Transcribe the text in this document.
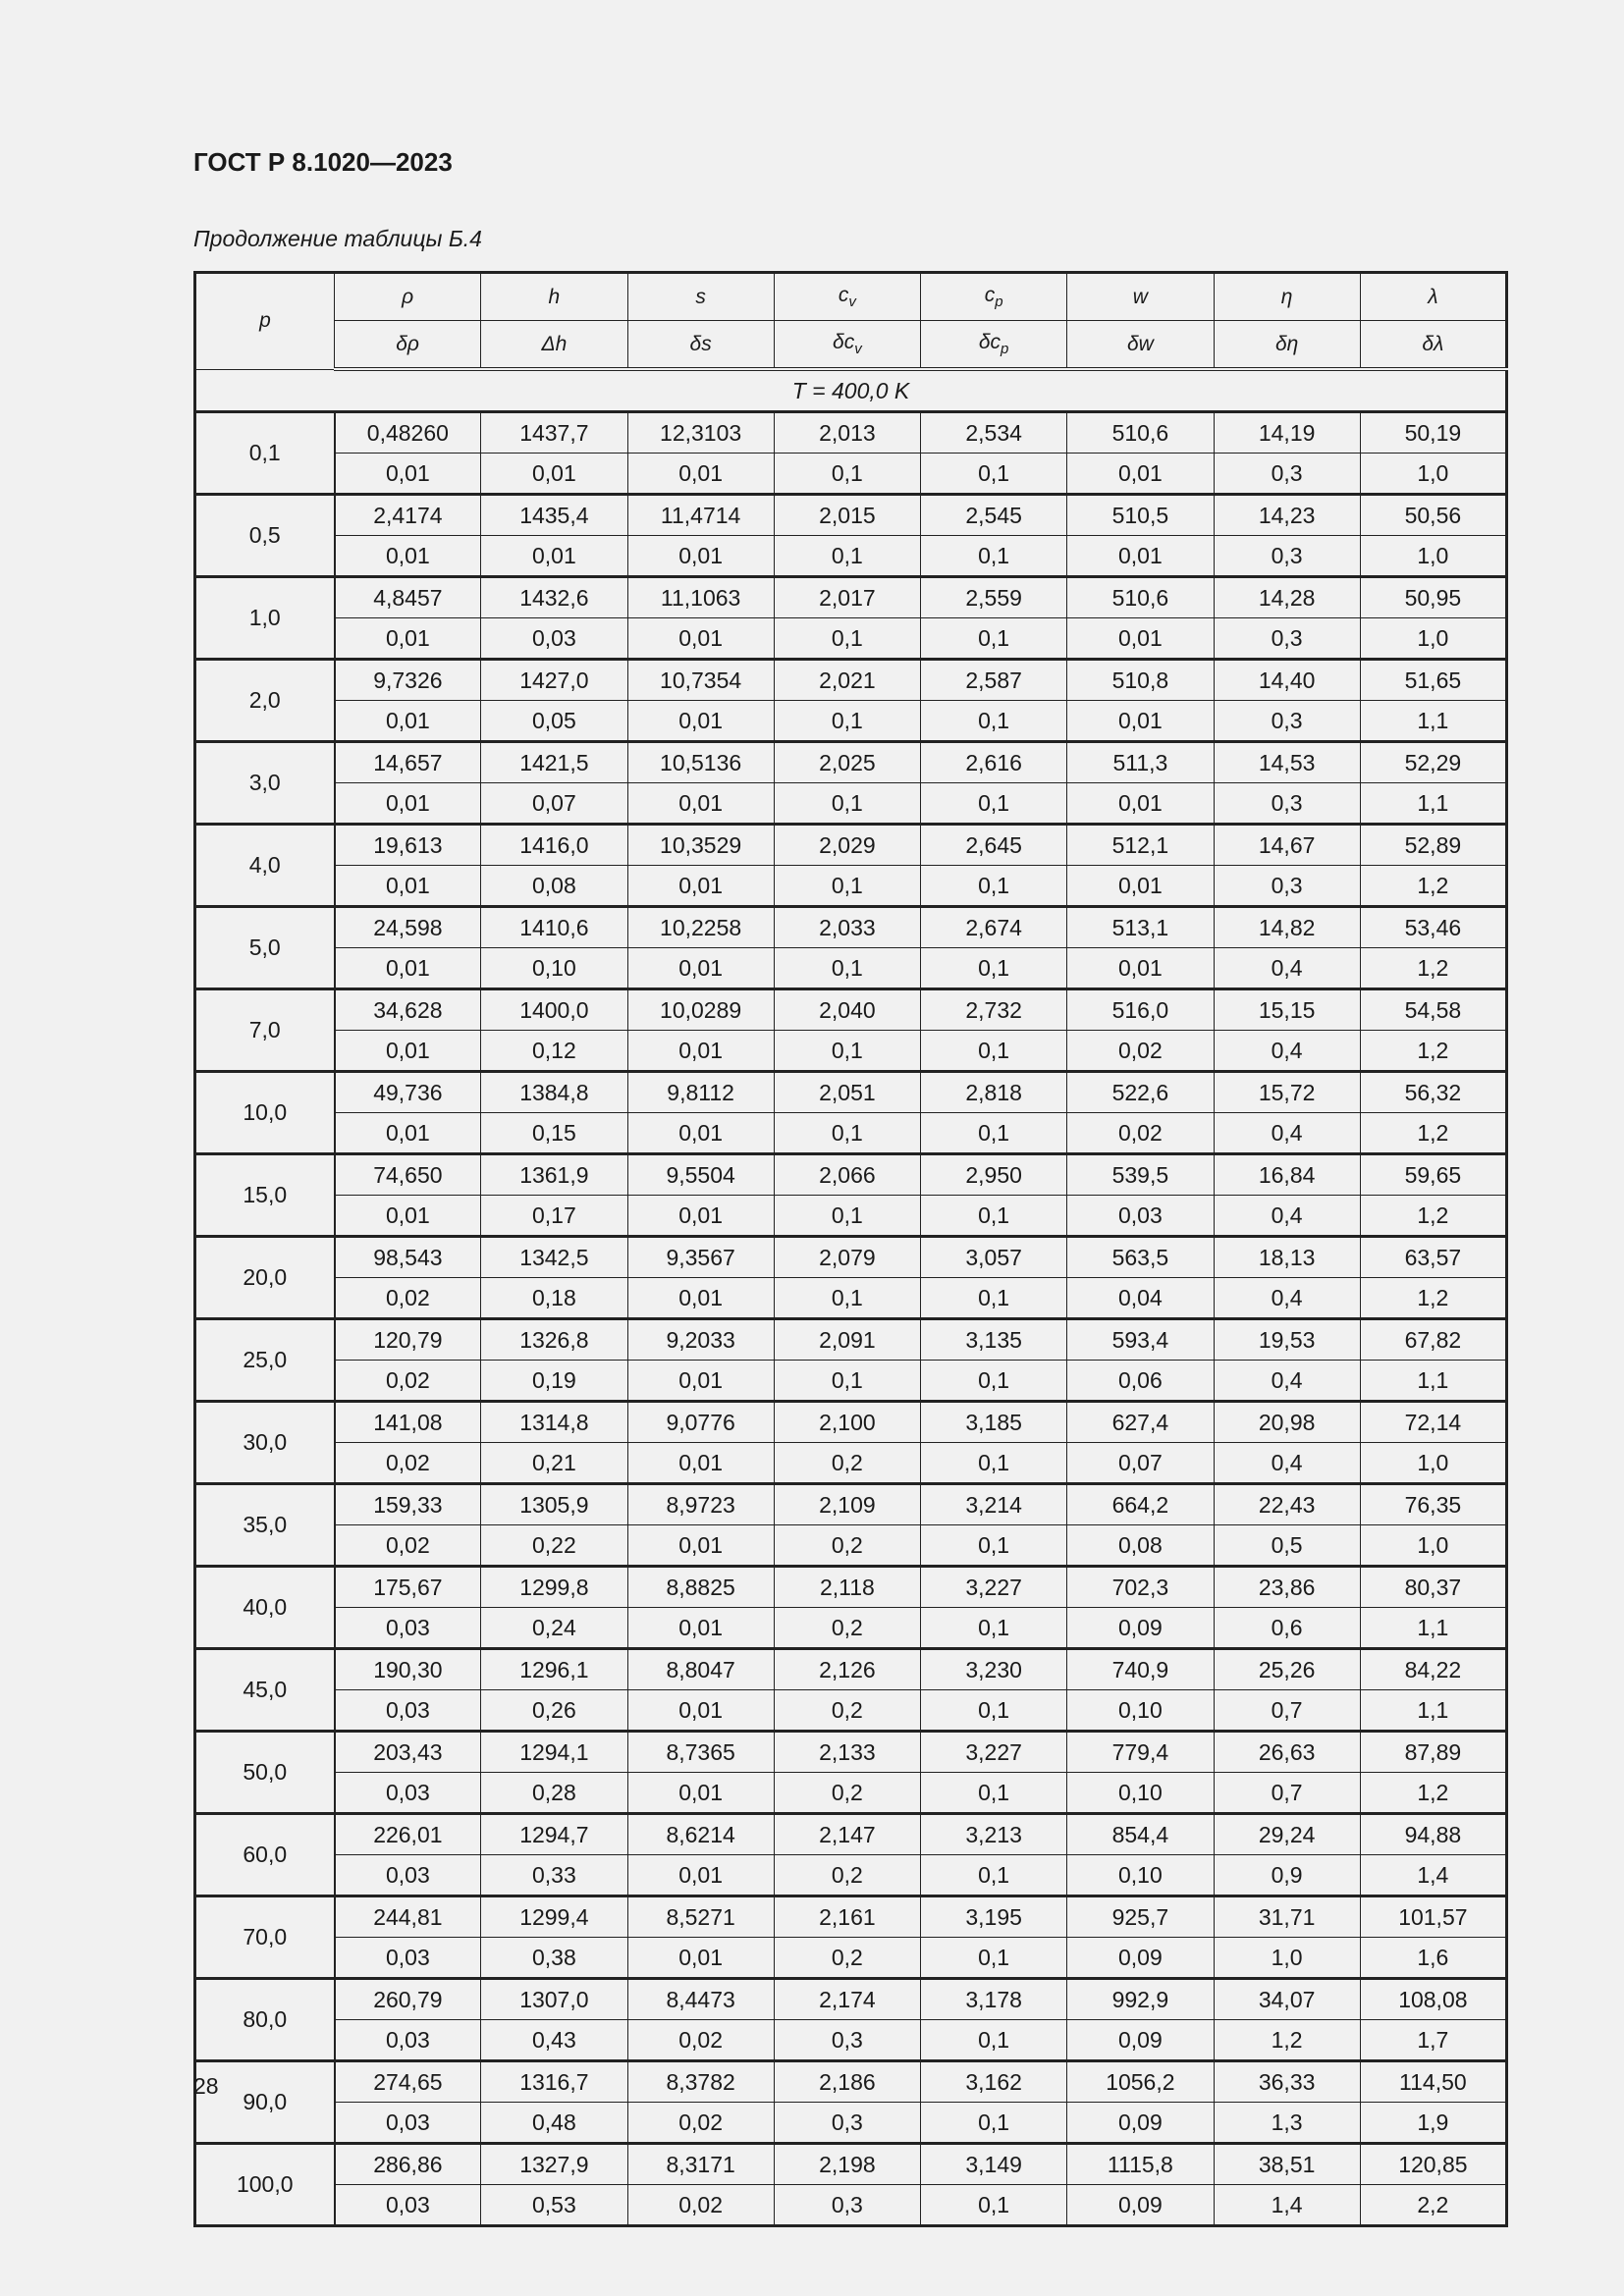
ГОСТ Р 8.1020—2023
Продолжение таблицы Б.4
p	ρ	h	s	$c_v$	$c_p$	w	η	λ
	δρ	Δh	δs	$\delta c_v$	$\delta c_p$	δw	δη	δλ
T = 400,0 K								
0,1	0,48260	1437,7	12,3103	2,013	2,534	510,6	14,19	50,19
	0,01	0,01	0,01	0,1	0,1	0,01	0,3	1,0
0,5	2,4174	1435,4	11,4714	2,015	2,545	510,5	14,23	50,56
	0,01	0,01	0,01	0,1	0,1	0,01	0,3	1,0
1,0	4,8457	1432,6	11,1063	2,017	2,559	510,6	14,28	50,95
	0,01	0,03	0,01	0,1	0,1	0,01	0,3	1,0
2,0	9,7326	1427,0	10,7354	2,021	2,587	510,8	14,40	51,65
	0,01	0,05	0,01	0,1	0,1	0,01	0,3	1,1
3,0	14,657	1421,5	10,5136	2,025	2,616	511,3	14,53	52,29
	0,01	0,07	0,01	0,1	0,1	0,01	0,3	1,1
4,0	19,613	1416,0	10,3529	2,029	2,645	512,1	14,67	52,89
	0,01	0,08	0,01	0,1	0,1	0,01	0,3	1,2
5,0	24,598	1410,6	10,2258	2,033	2,674	513,1	14,82	53,46
	0,01	0,10	0,01	0,1	0,1	0,01	0,4	1,2
7,0	34,628	1400,0	10,0289	2,040	2,732	516,0	15,15	54,58
	0,01	0,12	0,01	0,1	0,1	0,02	0,4	1,2
10,0	49,736	1384,8	9,8112	2,051	2,818	522,6	15,72	56,32
	0,01	0,15	0,01	0,1	0,1	0,02	0,4	1,2
15,0	74,650	1361,9	9,5504	2,066	2,950	539,5	16,84	59,65
	0,01	0,17	0,01	0,1	0,1	0,03	0,4	1,2
20,0	98,543	1342,5	9,3567	2,079	3,057	563,5	18,13	63,57
	0,02	0,18	0,01	0,1	0,1	0,04	0,4	1,2
25,0	120,79	1326,8	9,2033	2,091	3,135	593,4	19,53	67,82
	0,02	0,19	0,01	0,1	0,1	0,06	0,4	1,1
30,0	141,08	1314,8	9,0776	2,100	3,185	627,4	20,98	72,14
	0,02	0,21	0,01	0,2	0,1	0,07	0,4	1,0
35,0	159,33	1305,9	8,9723	2,109	3,214	664,2	22,43	76,35
	0,02	0,22	0,01	0,2	0,1	0,08	0,5	1,0
40,0	175,67	1299,8	8,8825	2,118	3,227	702,3	23,86	80,37
	0,03	0,24	0,01	0,2	0,1	0,09	0,6	1,1
45,0	190,30	1296,1	8,8047	2,126	3,230	740,9	25,26	84,22
	0,03	0,26	0,01	0,2	0,1	0,10	0,7	1,1
50,0	203,43	1294,1	8,7365	2,133	3,227	779,4	26,63	87,89
	0,03	0,28	0,01	0,2	0,1	0,10	0,7	1,2
60,0	226,01	1294,7	8,6214	2,147	3,213	854,4	29,24	94,88
	0,03	0,33	0,01	0,2	0,1	0,10	0,9	1,4
70,0	244,81	1299,4	8,5271	2,161	3,195	925,7	31,71	101,57
	0,03	0,38	0,01	0,2	0,1	0,09	1,0	1,6
80,0	260,79	1307,0	8,4473	2,174	3,178	992,9	34,07	108,08
	0,03	0,43	0,02	0,3	0,1	0,09	1,2	1,7
90,0	274,65	1316,7	8,3782	2,186	3,162	1056,2	36,33	114,50
	0,03	0,48	0,02	0,3	0,1	0,09	1,3	1,9
100,0	286,86	1327,9	8,3171	2,198	3,149	1115,8	38,51	120,85
	0,03	0,53	0,02	0,3	0,1	0,09	1,4	2,2
28
